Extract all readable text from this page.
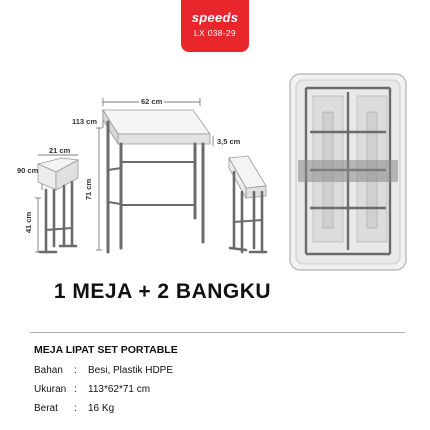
speeds
LX 038-29
62 cm
113 cm
3,5 cm
71 cm
21 cm
90 cm
41 cm
1 MEJA + 2 BANGKU
MEJA LIPAT SET PORTABLE
Bahan	:	Besi, Plastik HDPE
Ukuran :	113*62*71 cm
Berat	:	16 Kg
